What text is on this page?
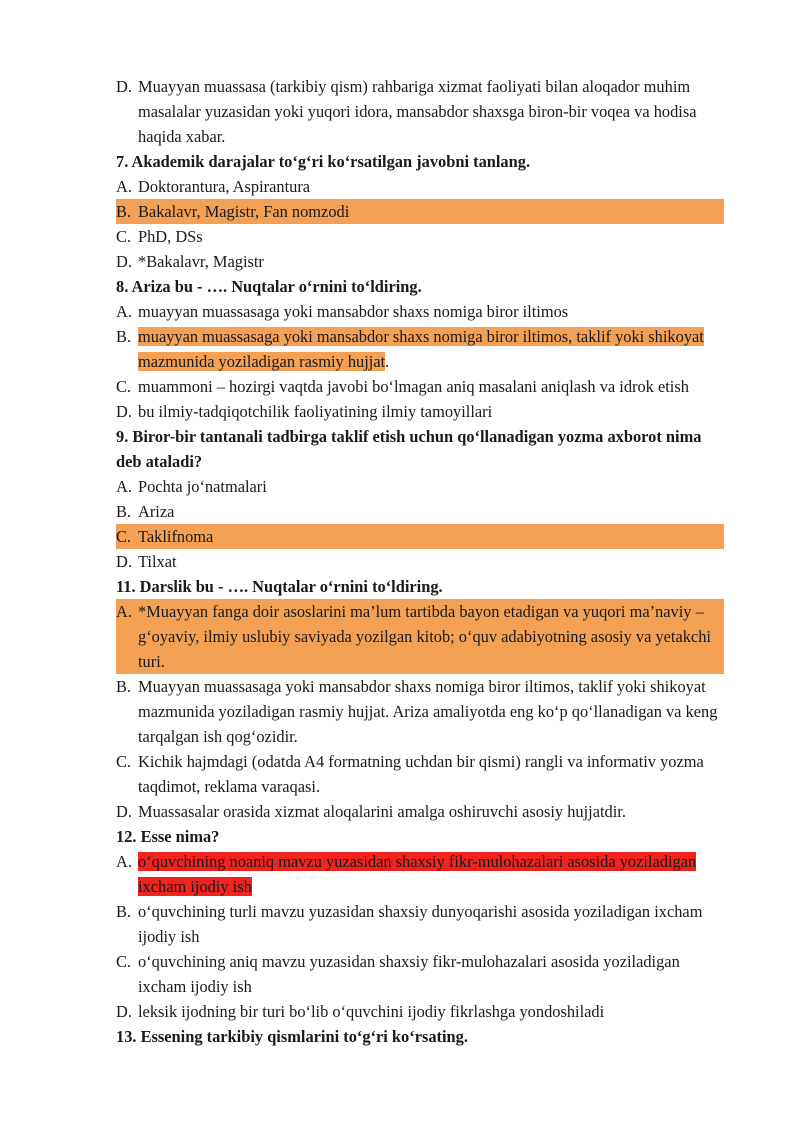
D. Muayyan muassasa (tarkibiy qism) rahbariga xizmat faoliyati bilan aloqador muhim masalalar yuzasidan yoki yuqori idora, mansabdor shaxsga biron-bir voqea va hodisa haqida xabar.
7. Akademik darajalar to‘g‘ri ko‘rsatilgan javobni tanlang.
A. Doktorantura, Aspirantura
B. Bakalavr, Magistr, Fan nomzodi
C. PhD, DSs
D. *Bakalavr, Magistr
8. Ariza bu - …. Nuqtalar o‘rnini to‘ldiring.
A. muayyan muassasaga yoki mansabdor shaxs nomiga biror iltimos
B. muayyan muassasaga yoki mansabdor shaxs nomiga biror iltimos, taklif yoki shikoyat mazmunida yoziladigan rasmiy hujjat.
C. muammoni – hozirgi vaqtda javobi bo‘lmagan aniq masalani aniqlash va idrok etish
D. bu ilmiy-tadqiqotchilik faoliyatining ilmiy tamoyillari
9. Biror-bir tantanali tadbirga taklif etish uchun qo‘llanadigan yozma axborot nima deb ataladi?
A. Pochta jo‘natmalari
B. Ariza
C. Taklifnoma
D. Tilxat
11. Darslik bu - …. Nuqtalar o‘rnini to‘ldiring.
A. *Muayyan fanga doir asoslarini ma’lum tartibda bayon etadigan va yuqori ma’naviy – g‘oyaviy, ilmiy uslubiy saviyada yozilgan kitob; o‘quv adabiyotning asosiy va yetakchi turi.
B. Muayyan muassasaga yoki mansabdor shaxs nomiga biror iltimos, taklif yoki shikoyat mazmunida yoziladigan rasmiy hujjat. Ariza amaliyotda eng ko‘p qo‘llanadigan va keng tarqalgan ish qog‘ozidir.
C. Kichik hajmdagi (odatda A4 formatning uchdan bir qismi) rangli va informativ yozma taqdimot, reklama varaqasi.
D. Muassasalar orasida xizmat aloqalarini amalga oshiruvchi asosiy hujjatdir.
12. Esse nima?
A. o‘quvchining noaniq mavzu yuzasidan shaxsiy fikr-mulohazalari asosida yoziladigan ixcham ijodiy ish
B. o‘quvchining turli mavzu yuzasidan shaxsiy dunyoqarishi asosida yoziladigan ixcham ijodiy ish
C. o‘quvchining aniq mavzu yuzasidan shaxsiy fikr-mulohazalari asosida yoziladigan ixcham ijodiy ish
D. leksik ijodning bir turi bo‘lib o‘quvchini ijodiy fikrlashga yondoshiladi
13. Essening tarkibiy qismlarini to‘g‘ri ko‘rsating.
